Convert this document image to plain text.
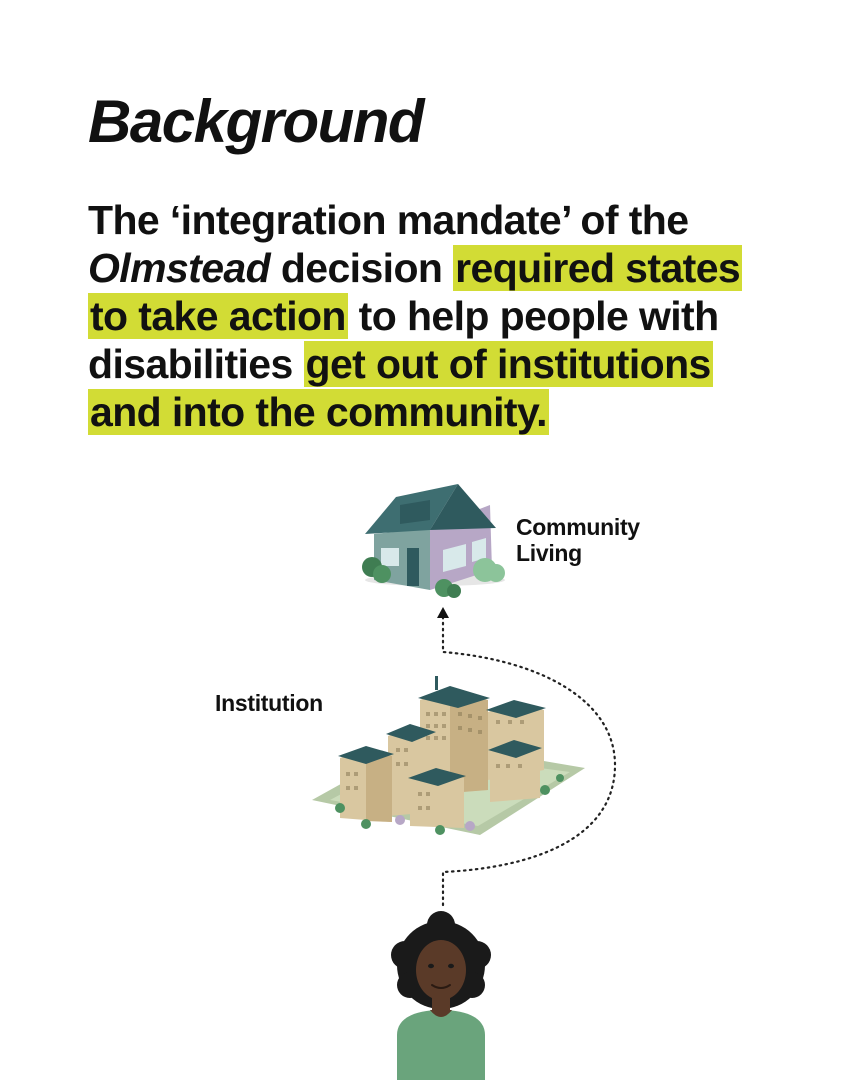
Background

The ‘integration mandate’ of the Olmstead decision required states to take action to help people with disabilities get out of institutions and into the community.

Community Living
Institution
